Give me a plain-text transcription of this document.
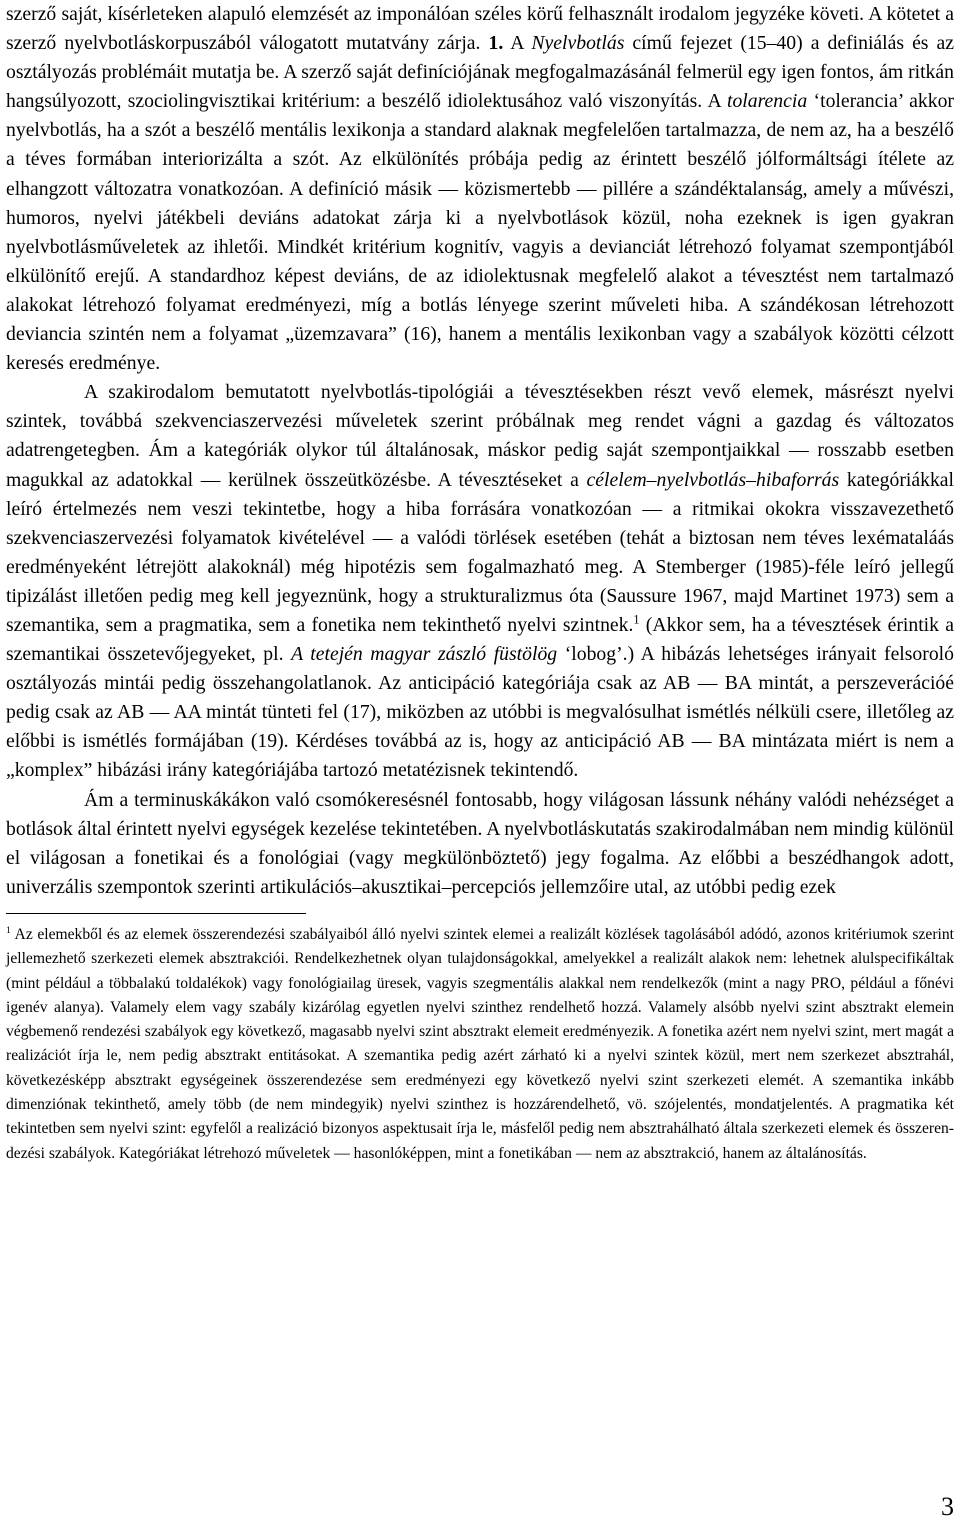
szerző saját, kísérleteken alapuló elemzését az imponálóan széles körű felhasznált irodalom jegyzéke követi. A kötetet a szerző nyelvbotláskorpuszából válogatott mutatvány zárja. 1. A Nyelvbotlás című fejezet (15–40) a definiálás és az osztályozás problémáit mutatja be. A szerző saját definíciójának megfogalmazásánál felmerül egy igen fontos, ám ritkán hangsúlyozott, szociolingvisztikai kritérium: a beszélő idiolektusához való viszonyítás. A tolarencia ‘tolerancia’ akkor nyelvbotlás, ha a szót a beszélő mentális lexikonja a standard alaknak megfelelően tartalmazza, de nem az, ha a beszélő a téves formában interiorizálta a szót. Az elkülönítés próbája pedig az érintett beszélő jólformáltsági ítélete az elhangzott változatra vonatkozóan. A definíció másik — közismertebb — pillére a szándéktalanság, amely a művészi, humoros, nyelvi játékbeli deviáns adatokat zárja ki a nyelvbotlások közül, noha ezeknek is igen gyakran nyelvbotlásműveletek az ihletői. Mindkét kritérium kognitív, vagyis a devianciát létrehozó folyamat szempontjából elkülönítő erejű. A standardhoz képest deviáns, de az idiolektusnak megfelelő alakot a tévesztést nem tartalmazó alakokat létrehozó folyamat eredményezi, míg a botlás lényege szerint műveleti hiba. A szándékosan létrehozott deviancia szintén nem a folyamat „üzemzavara” (16), hanem a mentális lexikonban vagy a szabályok közötti célzott keresés eredménye.

A szakirodalom bemutatott nyelvbotlás-tipológiái a tévesztésekben részt vevő elemek, másrészt nyelvi szintek, továbbá szekvenciaszervezési műveletek szerint próbálnak meg rendet vágni a gazdag és változatos adatrengetegben. Ám a kategóriák olykor túl általánosak, máskor pedig saját szempontjaikkal — rosszabb esetben magukkal az adatokkal — kerülnek összeütközésbe. A tévesztéseket a célelem–nyelvbotlás–hibaforrás kategóriákkal leíró értelmezés nem veszi tekintetbe, hogy a hiba forrására vonatkozóan — a ritmikai okokra visszavezethető szekvenciaszervezési folyamatok kivételével — a valódi törlések esetében (tehát a biztosan nem téves lexémataláás eredményeként létrejött alakoknál) még hipotézis sem fogalmazható meg. A Stemberger (1985)-féle leíró jellegű tipizálást illetően pedig meg kell jegyeznünk, hogy a strukturalizmus óta (Saussure 1967, majd Martinet 1973) sem a szemantika, sem a pragmatika, sem a fonetika nem tekinthető nyelvi szintnek.$^1$ (Akkor sem, ha a tévesztések érintik a szemantikai összetevőjegyeket, pl. A tetején magyar zászló füstölög ‘lobog’.) A hibázás lehetséges irányait felsoroló osztályozás mintái pedig összehangolatlanok. Az anticipáció kategóriája csak az AB — BA mintát, a perszeverációé pedig csak az AB — AA mintát tünteti fel (17), miközben az utóbbi is megvalósulhat ismétlés nélküli csere, illetőleg az előbbi is ismétlés formájában (19). Kérdéses továbbá az is, hogy az anticipáció AB — BA mintázata miért is nem a „komplex” hibázási irány kategóriájába tartozó metatézisnek tekintendő.

Ám a terminuskákákon való csomókeresésnél fontosabb, hogy világosan lássunk néhány valódi nehézséget a botlások által érintett nyelvi egységek kezelése tekintetében. A nyelvbotláskutatás szakirodalmában nem mindig különül el világosan a fonetikai és a fonológiai (vagy megkülönböztető) jegy fogalma. Az előbbi a beszédhangok adott, univerzális szempontok szerinti artikulációs–akusztikai–percepciós jellemzőire utal, az utóbbi pedig ezek

$^1$ Az elemekből és az elemek összerendezési szabályaiból álló nyelvi szintek elemei a realizált közlések tagolásából adódó, azonos kritériumok szerint jellemezhető szerkezeti elemek absztrakciói. Rendelkezhetnek olyan tulajdonságokkal, amelyekkel a realizált alakok nem: lehetnek alulspecifikáltak (mint például a többalakú toldalékok) vagy fonológiailag üresek, vagyis szegmentális alakkal nem rendelkezők (mint a nagy PRO, például a főnévi igenév alanya). Valamely elem vagy szabály kizárólag egyetlen nyelvi szinthez rendelhető hozzá. Valamely alsóbb nyelvi szint absztrakt elemein végbemenő rendezési szabályok egy következő, magasabb nyelvi szint absztrakt elemeit eredményezik. A fonetika azért nem nyelvi szint, mert magát a realizációt írja le, nem pedig absztrakt entitásokat. A szemantika pedig azért zárható ki a nyelvi szintek közül, mert nem szerkezet absztrahál, következésképp absztrakt egységeinek összerendezése sem eredményezi egy következő nyelvi szint szerkezeti elemét. A szemantika inkább dimenziónak tekinthető, amely több (de nem mindegyik) nyelvi szinthez is hozzárendelhető, vö. szójelentés, mondatjelentés. A pragmatika két tekintetben sem nyelvi szint: egyfelől a realizáció bizonyos aspektusait írja le, másfelől pedig nem absztrahálható általa szerkezeti elemek és összerendezési szabályok. Kategóriákat létrehozó műveletek — hasonlóképpen, mint a fonetikában — nem az absztrakció, hanem az általánosítás.

3
